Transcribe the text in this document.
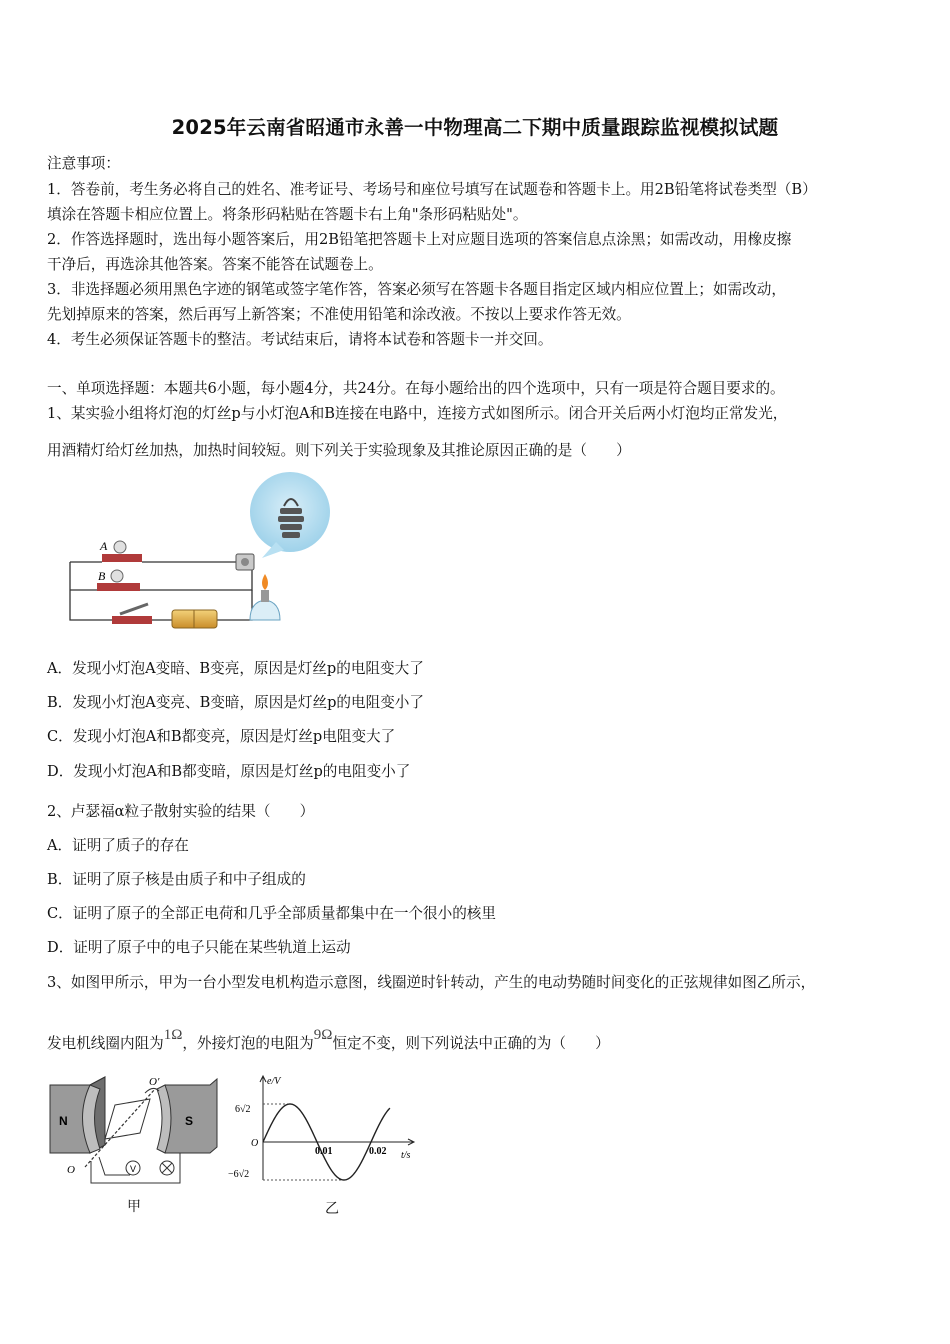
2025年云南省昭通市永善一中物理高二下期中质量跟踪监视模拟试题
注意事项：
1．答卷前，考生务必将自己的姓名、准考证号、考场号和座位号填写在试题卷和答题卡上。用2B铅笔将试卷类型（B）
填涂在答题卡相应位置上。将条形码粘贴在答题卡右上角"条形码粘贴处"。
2．作答选择题时，选出每小题答案后，用2B铅笔把答题卡上对应题目选项的答案信息点涂黑；如需改动，用橡皮擦
干净后，再选涂其他答案。答案不能答在试题卷上。
3．非选择题必须用黑色字迹的钢笔或签字笔作答，答案必须写在答题卡各题目指定区域内相应位置上；如需改动，
先划掉原来的答案，然后再写上新答案；不准使用铅笔和涂改液。不按以上要求作答无效。
4．考生必须保证答题卡的整洁。考试结束后，请将本试卷和答题卡一并交回。
一、单项选择题：本题共6小题，每小题4分，共24分。在每小题给出的四个选项中，只有一项是符合题目要求的。
1、某实验小组将灯泡的灯丝p与小灯泡A和B连接在电路中，连接方式如图所示。闭合开关后两小灯泡均正常发光，
用酒精灯给灯丝加热，加热时间较短。则下列关于实验现象及其推论原因正确的是（　　）
A
B
A．发现小灯泡A变暗、B变亮，原因是灯丝p的电阻变大了
B．发现小灯泡A变亮、B变暗，原因是灯丝p的电阻变小了
C．发现小灯泡A和B都变亮，原因是灯丝p电阻变大了
D．发现小灯泡A和B都变暗，原因是灯丝p的电阻变小了
2、卢瑟福α粒子散射实验的结果（　　）
A．证明了质子的存在
B．证明了原子核是由质子和中子组成的
C．证明了原子的全部正电荷和几乎全部质量都集中在一个很小的核里
D．证明了原子中的电子只能在某些轨道上运动
3、如图甲所示，甲为一台小型发电机构造示意图，线圈逆时针转动，产生的电动势随时间变化的正弦规律如图乙所示，
发电机线圈内阻为1Ω，外接灯泡的电阻为9Ω恒定不变，则下列说法中正确的为（　　）
N	S
O′
O	V
甲
e/V
t/s
O
6√2
−6√2
0.01	0.02
乙
